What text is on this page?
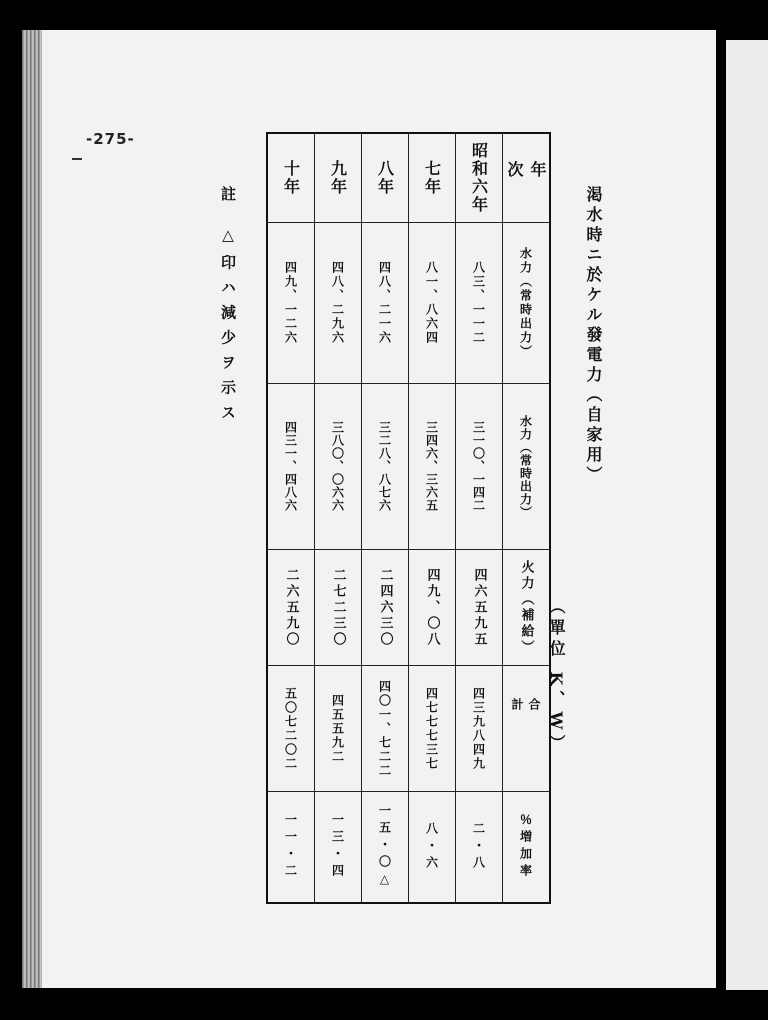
-275-
渇水時ニ於ケル發電力（自家用）
（單位 K、W）
註 △印ハ減少ヲ示ス
年　次	昭和六年	七年	八年	九年	十年
水力（常時出力）	八三、一一二	八一、八六四	四八、二一六	四八、二九六	四九、一二六
水力（常時出力）	三一〇、一四二	三四六、三六五	三二八、八七六	三八〇、〇六六	四三一、四八六
火力（補給）	四六五九五	四九、〇八	二四六三〇	二七二三〇	二六五九〇
合　計	四三九八四九	四七七七三七	四〇一、七二二	四五五九二	五〇七二〇二
増加率％	二・八	八・六	△一五・〇	一三・四	一一・二
